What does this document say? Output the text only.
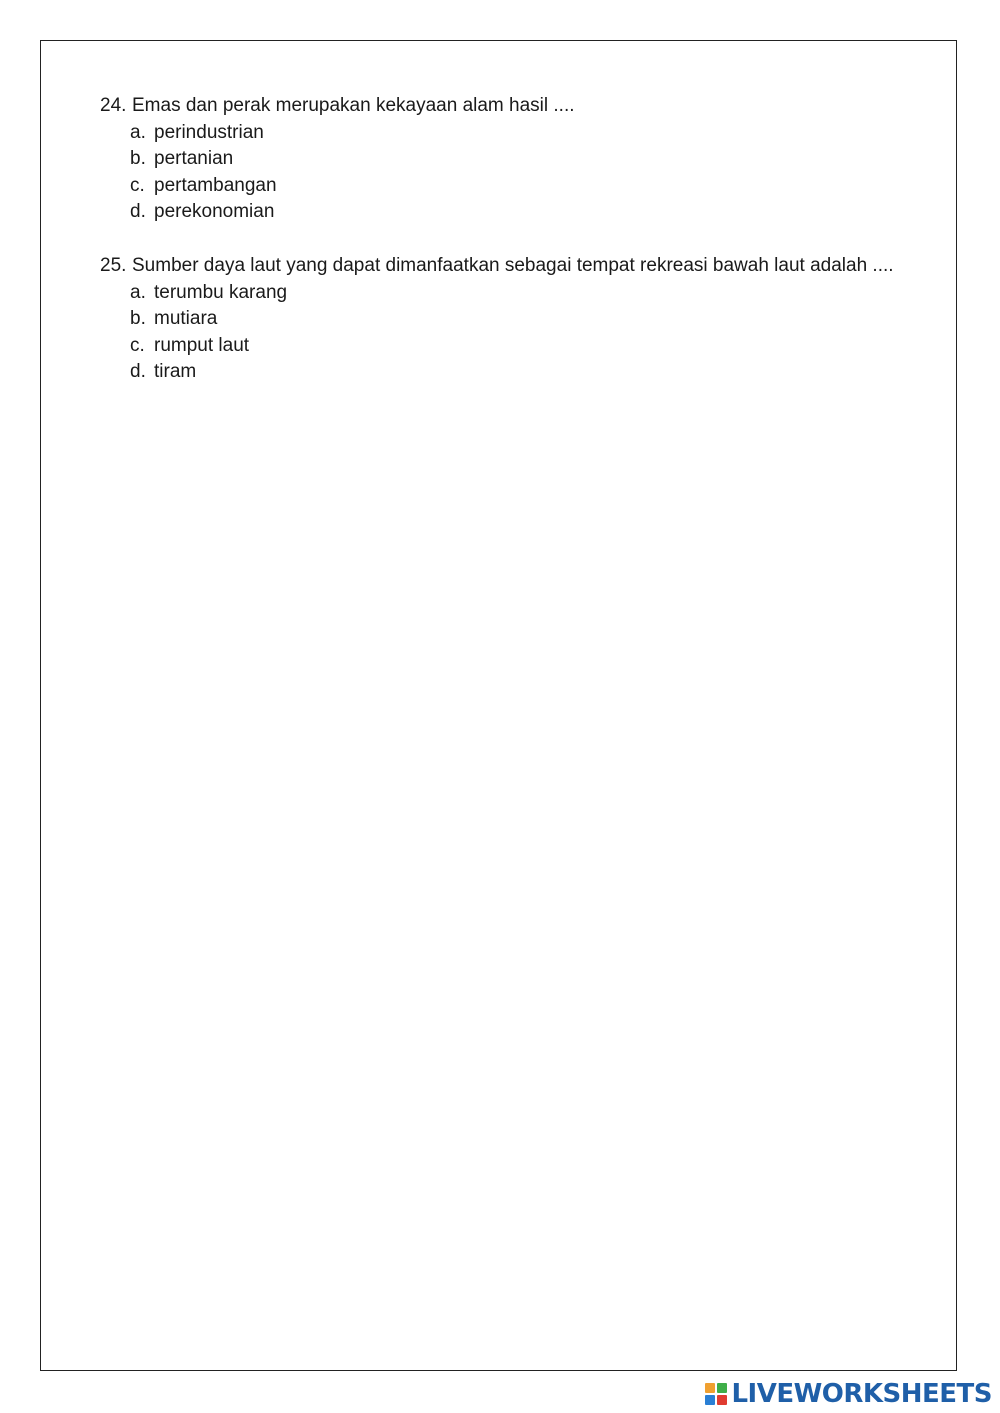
24. Emas dan perak merupakan kekayaan alam hasil ....
a. perindustrian
b. pertanian
c. pertambangan
d. perekonomian
25. Sumber daya laut yang dapat dimanfaatkan sebagai tempat rekreasi bawah laut adalah ....
a. terumbu karang
b. mutiara
c. rumput laut
d. tiram
LIVEWORKSHEETS
